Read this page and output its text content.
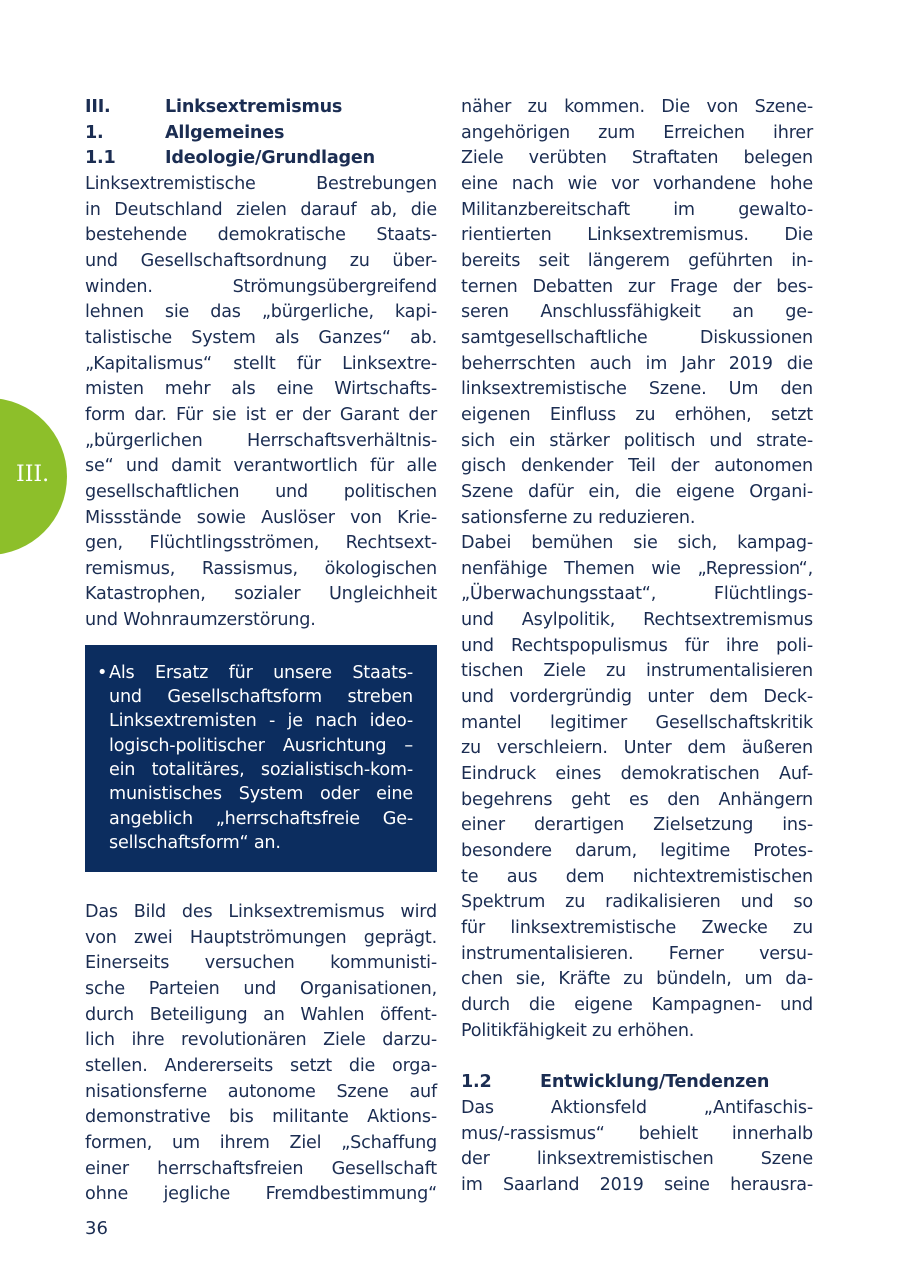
III.
III.	Linksextremismus
1.	Allgemeines
1.1	Ideologie/Grundlagen
Linksextremistische Bestrebungen
in Deutschland zielen darauf ab, die
bestehende demokratische Staats-
und Gesellschaftsordnung zu über-
winden. Strömungsübergreifend
lehnen sie das „bürgerliche, kapi-
talistische System als Ganzes“ ab.
„Kapitalismus“ stellt für Linksextre-
misten mehr als eine Wirtschafts-
form dar. Für sie ist er der Garant der
„bürgerlichen Herrschaftsverhältnis-
se“ und damit verantwortlich für alle
gesellschaftlichen und politischen
Missstände sowie Auslöser von Krie-
gen, Flüchtlingsströmen, Rechtsext-
remismus, Rassismus, ökologischen
Katastrophen, sozialer Ungleichheit
und Wohnraumzerstörung.
• Als Ersatz für unsere Staats-
und Gesellschaftsform streben
Linksextremisten - je nach ideo-
logisch-politischer Ausrichtung –
ein totalitäres, sozialistisch-kom-
munistisches System oder eine
angeblich „herrschaftsfreie Ge-
sellschaftsform“ an.
Das Bild des Linksextremismus wird
von zwei Hauptströmungen geprägt.
Einerseits versuchen kommunisti-
sche Parteien und Organisationen,
durch Beteiligung an Wahlen öffent-
lich ihre revolutionären Ziele darzu-
stellen. Andererseits setzt die orga-
nisationsferne autonome Szene auf
demonstrative bis militante Aktions-
formen, um ihrem Ziel „Schaffung
einer herrschaftsfreien Gesellschaft
ohne jegliche Fremdbestimmung“
näher zu kommen. Die von Szene-
angehörigen zum Erreichen ihrer
Ziele verübten Straftaten belegen
eine nach wie vor vorhandene hohe
Militanzbereitschaft im gewalto-
rientierten Linksextremismus. Die
bereits seit längerem geführten in-
ternen Debatten zur Frage der bes-
seren Anschlussfähigkeit an ge-
samtgesellschaftliche Diskussionen
beherrschten auch im Jahr 2019 die
linksextremistische Szene. Um den
eigenen Einfluss zu erhöhen, setzt
sich ein stärker politisch und strate-
gisch denkender Teil der autonomen
Szene dafür ein, die eigene Organi-
sationsferne zu reduzieren.
Dabei bemühen sie sich, kampag-
nenfähige Themen wie „Repression“,
„Überwachungsstaat“, Flüchtlings-
und Asylpolitik, Rechtsextremismus
und Rechtspopulismus für ihre poli-
tischen Ziele zu instrumentalisieren
und vordergründig unter dem Deck-
mantel legitimer Gesellschaftskritik
zu verschleiern. Unter dem äußeren
Eindruck eines demokratischen Auf-
begehrens geht es den Anhängern
einer derartigen Zielsetzung ins-
besondere darum, legitime Protes-
te aus dem nichtextremistischen
Spektrum zu radikalisieren und so
für linksextremistische Zwecke zu
instrumentalisieren. Ferner versu-
chen sie, Kräfte zu bündeln, um da-
durch die eigene Kampagnen- und
Politikfähigkeit zu erhöhen.
1.2	Entwicklung/Tendenzen
Das Aktionsfeld „Antifaschis-
mus/-rassismus“ behielt innerhalb
der linksextremistischen Szene
im Saarland 2019 seine herausra-
36
